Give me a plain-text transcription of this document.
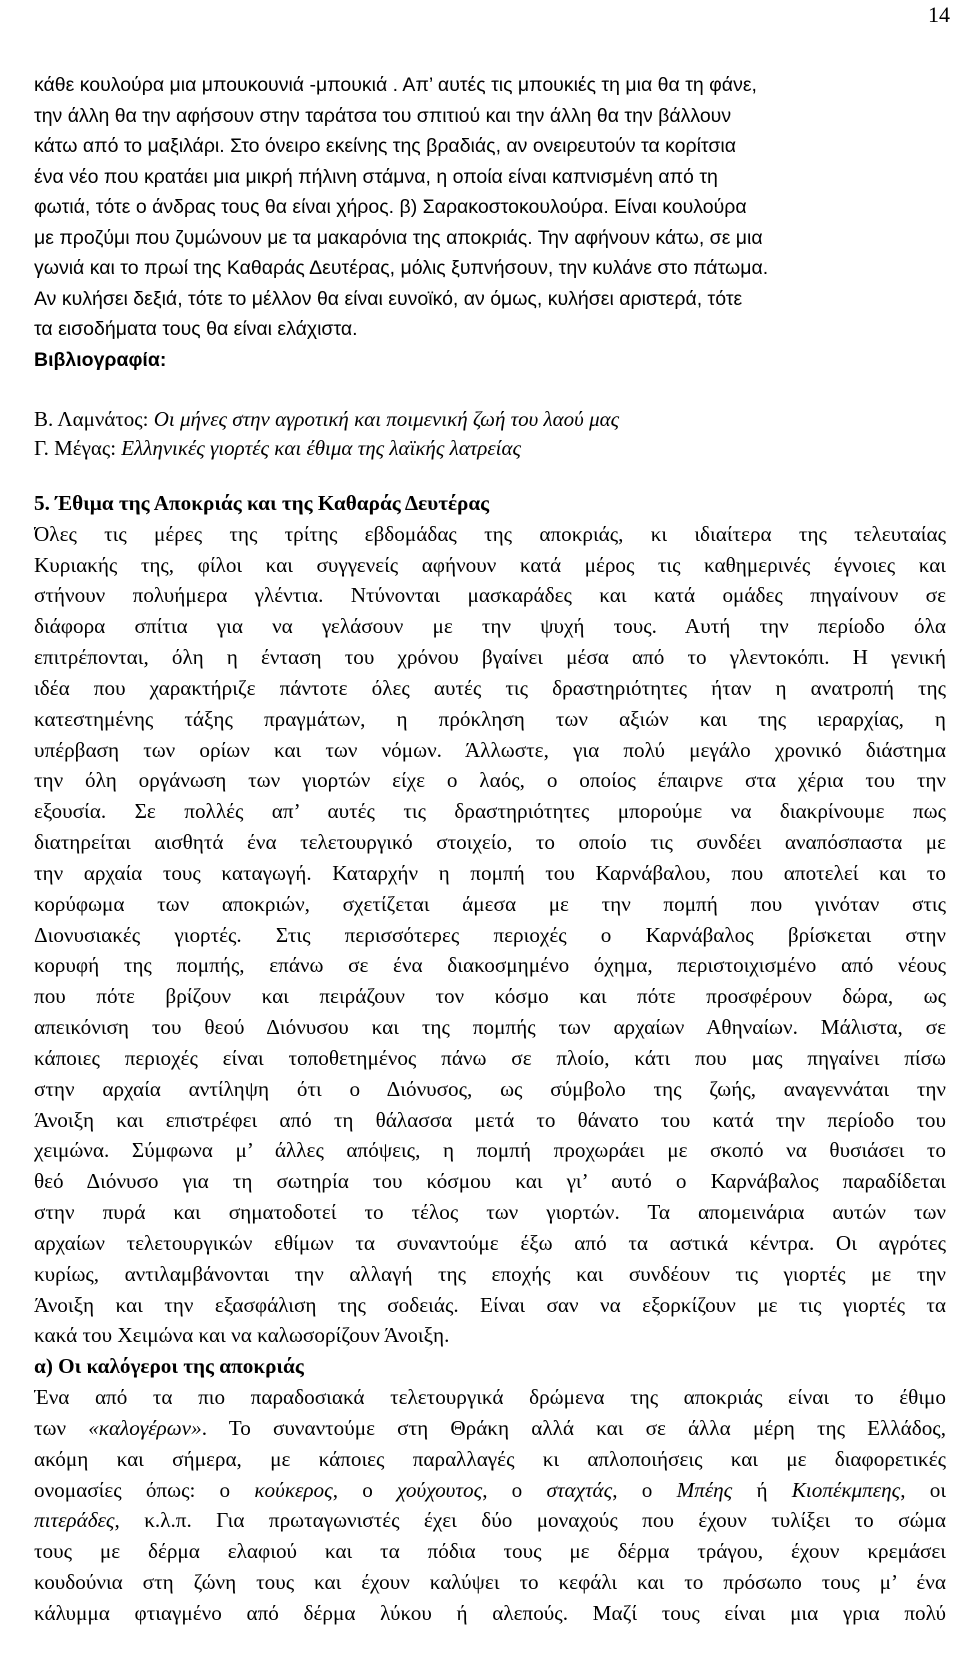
14
κάθε κουλούρα μια μπουκουνιά -μπουκιά . Απ’ αυτές τις μπουκιές τη μια θα τη φάνε,
την άλλη θα την αφήσουν στην ταράτσα του σπιτιού και την άλλη θα την βάλλουν
κάτω από το μαξιλάρι. Στο όνειρο εκείνης της βραδιάς, αν ονειρευτούν τα κορίτσια
ένα νέο που κρατάει μια μικρή πήλινη στάμνα, η οποία είναι καπνισμένη από τη
φωτιά, τότε ο άνδρας τους θα είναι χήρος. β) Σαρακοστοκουλούρα. Είναι κουλούρα
με προζύμι που ζυμώνουν με τα μακαρόνια της αποκριάς. Την αφήνουν κάτω, σε μια
γωνιά και το πρωί της Καθαράς Δευτέρας, μόλις ξυπνήσουν, την κυλάνε στο πάτωμα.
Αν κυλήσει δεξιά, τότε το μέλλον θα είναι ευνοϊκό, αν όμως, κυλήσει αριστερά, τότε
τα εισοδήματα τους θα είναι ελάχιστα.
Βιβλιογραφία:
Β. Λαμνάτος: Οι μήνες στην αγροτική και ποιμενική ζωή του λαού μας
Γ. Μέγας: Ελληνικές γιορτές και έθιμα της λαϊκής λατρείας
5. Έθιμα της Αποκριάς και της Καθαράς Δευτέρας
Όλες τις μέρες της τρίτης εβδομάδας της αποκριάς, κι ιδιαίτερα της τελευταίας
Κυριακής της, φίλοι και συγγενείς αφήνουν κατά μέρος τις καθημερινές έγνοιες και
στήνουν πολυήμερα γλέντια. Ντύνονται μασκαράδες και κατά ομάδες πηγαίνουν σε
διάφορα σπίτια για να γελάσουν με την ψυχή τους. Αυτή την περίοδο όλα
επιτρέπονται, όλη η ένταση του χρόνου βγαίνει μέσα από το γλεντοκόπι. Η γενική
ιδέα που χαρακτήριζε πάντοτε όλες αυτές τις δραστηριότητες ήταν η ανατροπή της
κατεστημένης τάξης πραγμάτων, η πρόκληση των αξιών και της ιεραρχίας, η
υπέρβαση των ορίων και των νόμων. Άλλωστε, για πολύ μεγάλο χρονικό διάστημα
την όλη οργάνωση των γιορτών είχε ο λαός, ο οποίος έπαιρνε στα χέρια του την
εξουσία. Σε πολλές απ’ αυτές τις δραστηριότητες μπορούμε να διακρίνουμε πως
διατηρείται αισθητά ένα τελετουργικό στοιχείο, το οποίο τις συνδέει αναπόσπαστα με
την αρχαία τους καταγωγή. Καταρχήν η πομπή του Καρνάβαλου, που αποτελεί και το
κορύφωμα των αποκριών, σχετίζεται άμεσα με την πομπή που γινόταν στις
Διονυσιακές γιορτές. Στις περισσότερες περιοχές ο Καρνάβαλος βρίσκεται στην
κορυφή της πομπής, επάνω σε ένα διακοσμημένο όχημα, περιστοιχισμένο από νέους
που πότε βρίζουν και πειράζουν τον κόσμο και πότε προσφέρουν δώρα, ως
απεικόνιση του θεού Διόνυσου και της πομπής των αρχαίων Αθηναίων. Μάλιστα, σε
κάποιες περιοχές είναι τοποθετημένος πάνω σε πλοίο, κάτι που μας πηγαίνει πίσω
στην αρχαία αντίληψη ότι ο Διόνυσος, ως σύμβολο της ζωής, αναγεννάται την
Άνοιξη και επιστρέφει από τη θάλασσα μετά το θάνατο του κατά την περίοδο του
χειμώνα. Σύμφωνα μ’ άλλες απόψεις, η πομπή προχωράει με σκοπό να θυσιάσει το
θεό Διόνυσο για τη σωτηρία του κόσμου και γι’ αυτό ο Καρνάβαλος παραδίδεται
στην πυρά και σηματοδοτεί το τέλος των γιορτών. Τα απομεινάρια αυτών των
αρχαίων τελετουργικών εθίμων τα συναντούμε έξω από τα αστικά κέντρα. Οι αγρότες
κυρίως, αντιλαμβάνονται την αλλαγή της εποχής και συνδέουν τις γιορτές με την
Άνοιξη και την εξασφάλιση της σοδειάς. Είναι σαν να εξορκίζουν με τις γιορτές τα
κακά του Χειμώνα και να καλωσορίζουν Άνοιξη.
α) Οι καλόγεροι της αποκριάς
Ένα από τα πιο παραδοσιακά τελετουργικά δρώμενα της αποκριάς είναι το έθιμο
των «καλογέρων». Το συναντούμε στη Θράκη αλλά και σε άλλα μέρη της Ελλάδος,
ακόμη και σήμερα, με κάποιες παραλλαγές κι απλοποιήσεις και με διαφορετικές
ονομασίες όπως: ο κούκερος, ο χούχουτος, ο σταχτάς, ο Μπέης ή Κιοπέκμπεης, οι
πιτεράδες, κ.λ.π. Για πρωταγωνιστές έχει δύο μοναχούς που έχουν τυλίξει το σώμα
τους με δέρμα ελαφιού και τα πόδια τους με δέρμα τράγου, έχουν κρεμάσει
κουδούνια στη ζώνη τους και έχουν καλύψει το κεφάλι και το πρόσωπο τους μ’ ένα
κάλυμμα φτιαγμένο από δέρμα λύκου ή αλεπούς. Μαζί τους είναι μια γρια πολύ
